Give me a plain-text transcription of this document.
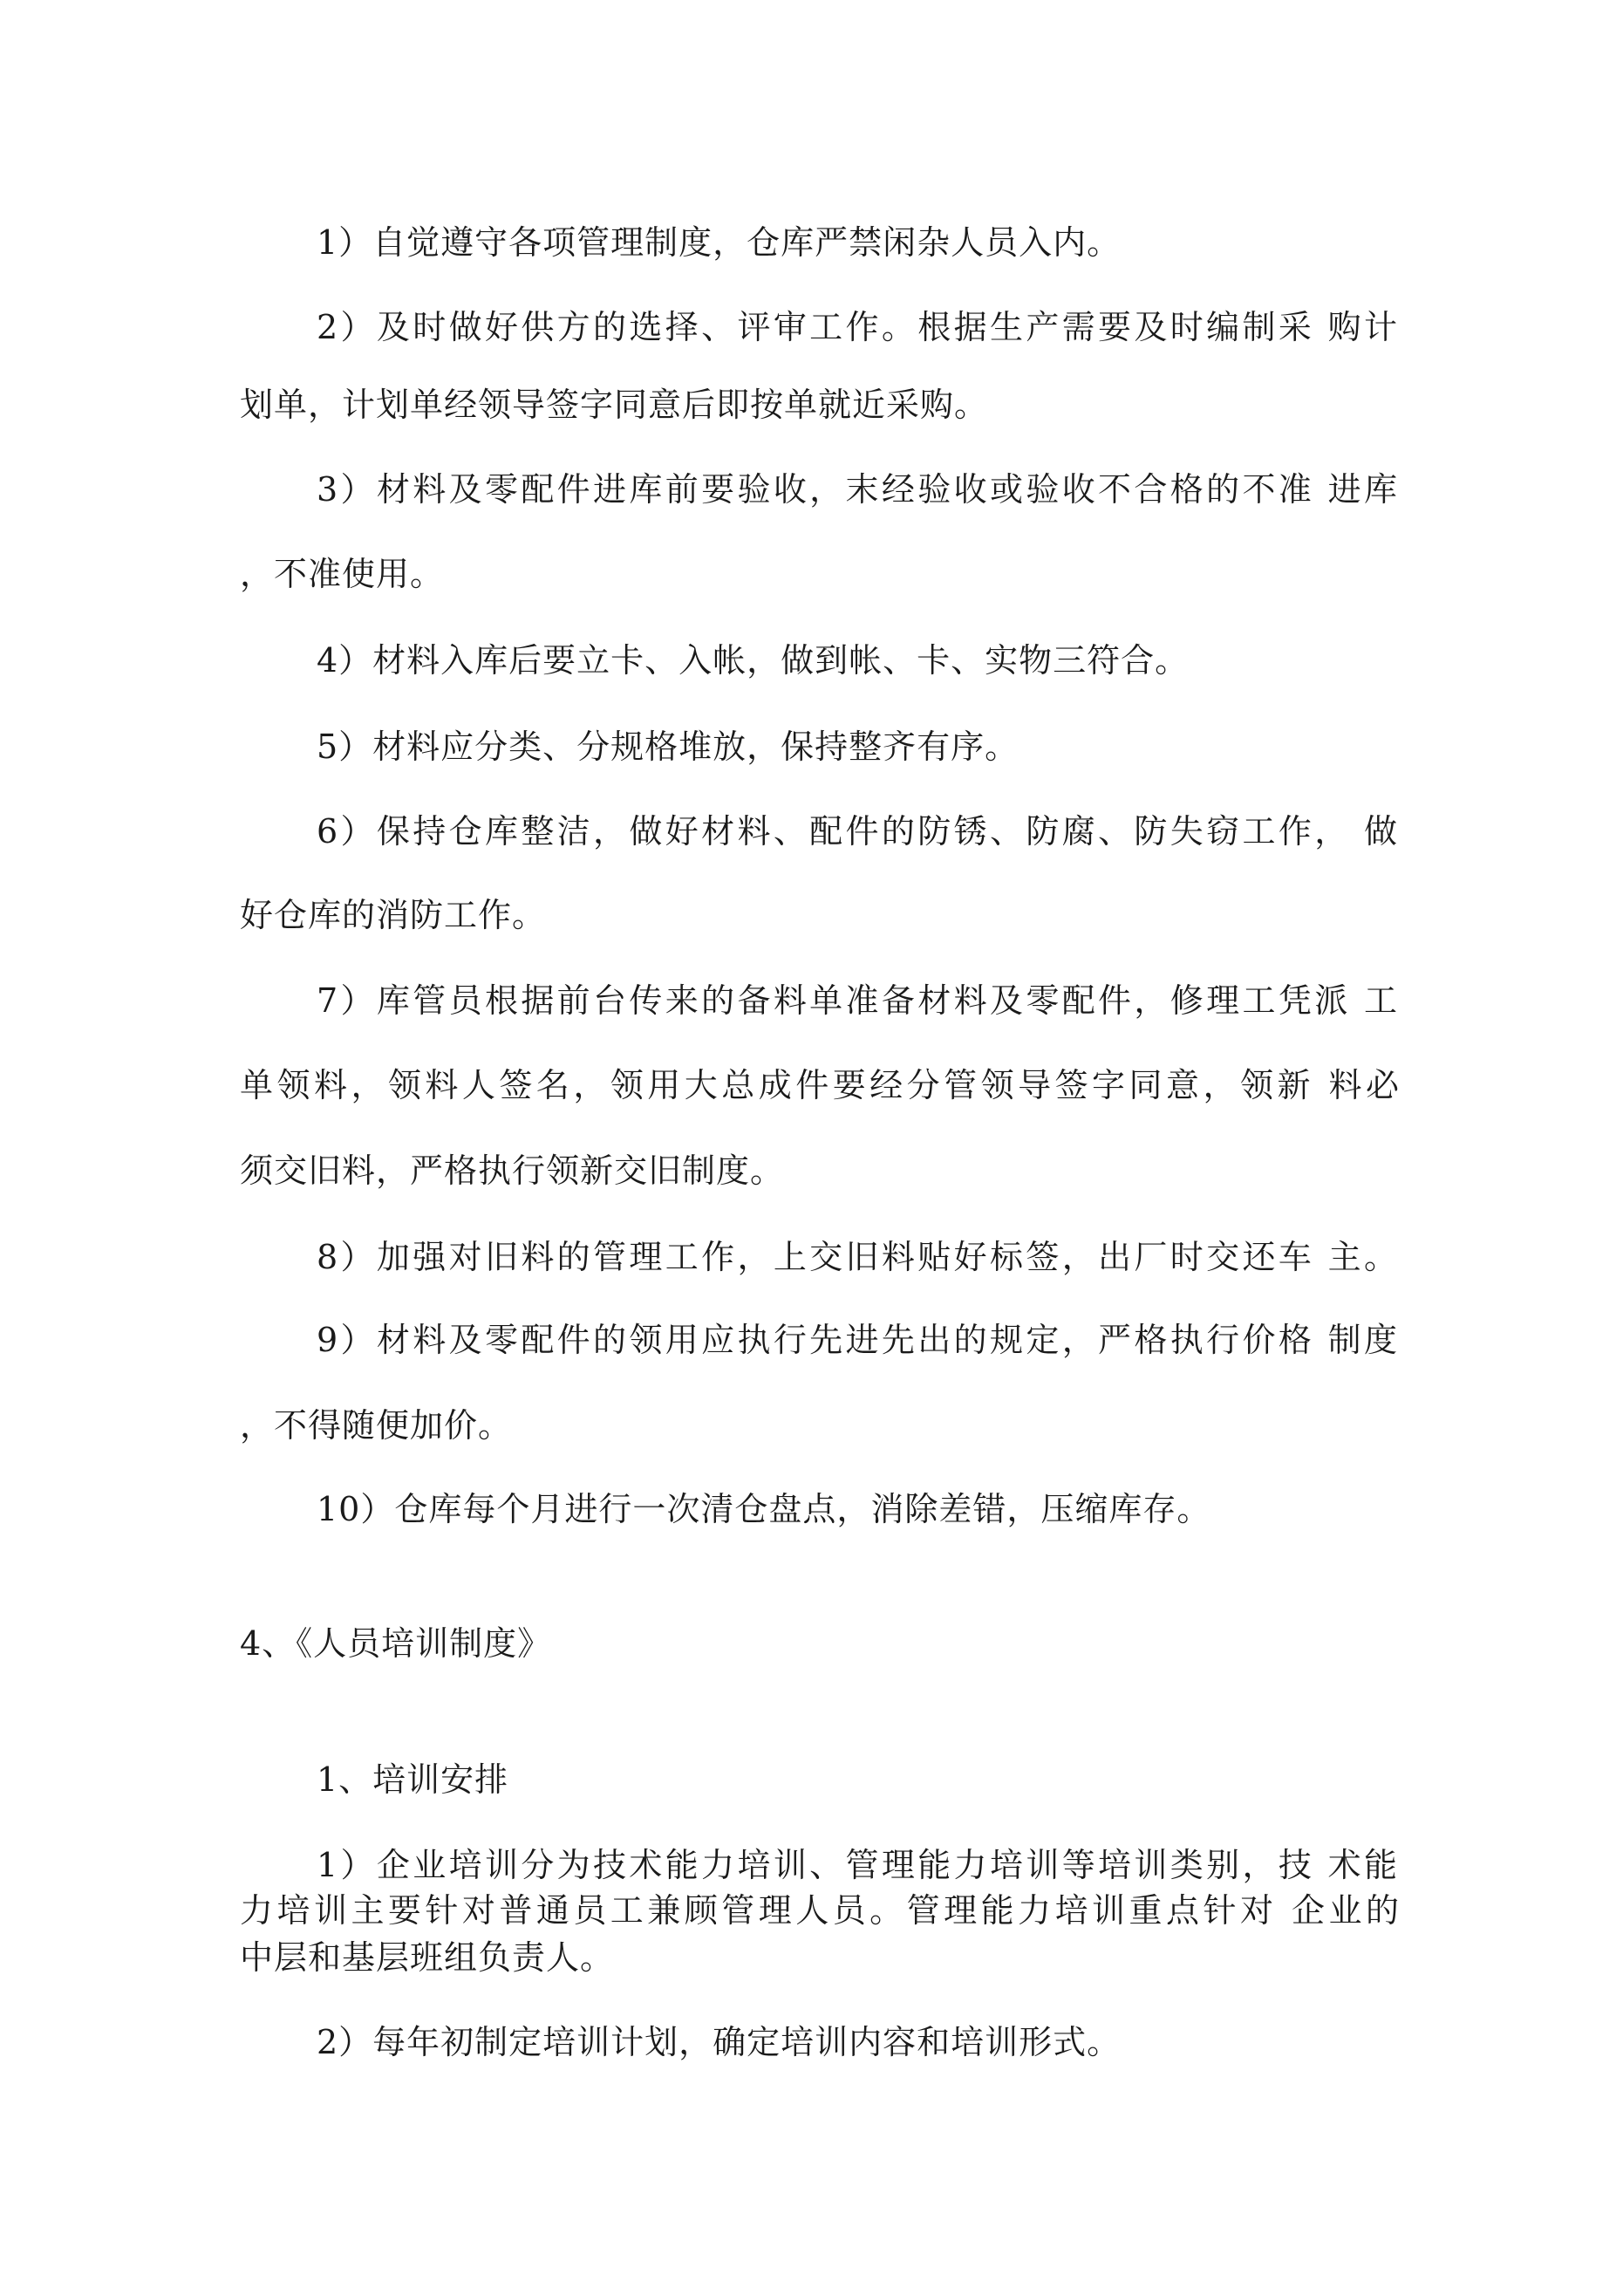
1）自觉遵守各项管理制度，仓库严禁闲杂人员入内。
2）及时做好供方的选择、评审工作。根据生产需要及时编制采 购计
划单，计划单经领导签字同意后即按单就近采购。
3）材料及零配件进库前要验收，末经验收或验收不合格的不准 进库
，不准使用。
4）材料入库后要立卡、入帐，做到帐、卡、实物三符合。
5）材料应分类、分规格堆放，保持整齐有序。
6）保持仓库整洁，做好材料、配件的防锈、防腐、防失窃工作， 做
好仓库的消防工作。
7）库管员根据前台传来的备料单准备材料及零配件，修理工凭派 工
单领料，领料人签名，领用大总成件要经分管领导签字同意，领新 料必
须交旧料，严格执行领新交旧制度。
8）加强对旧料的管理工作，上交旧料贴好标签，出厂时交还车 主。
9）材料及零配件的领用应执行先进先出的规定，严格执行价格 制度
，不得随便加价。
10）仓库每个月进行一次清仓盘点，消除差错，压缩库存。
4、《人员培训制度》
1、培训安排
1）企业培训分为技术能力培训、管理能力培训等培训类别，技 术能
力培训主要针对普通员工兼顾管理人员。管理能力培训重点针对 企业的
中层和基层班组负责人。
2）每年初制定培训计划，确定培训内容和培训形式。
